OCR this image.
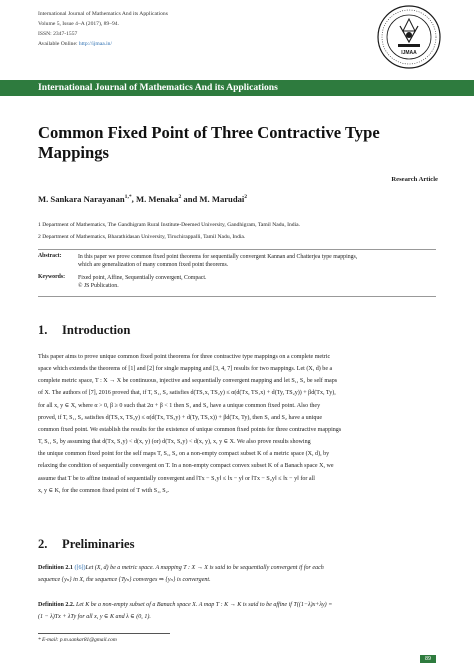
International Journal of Mathematics And its Applications
Volume 5, Issue 4–A (2017), 89–94.
ISSN: 2347-1557
Available Online: http://ijmaa.in/
IJMAA
International Journal of Mathematics And its Applications
Common Fixed Point of Three Contractive Type
Mappings
Research Article
M. Sankara Narayanan$^{1,*}$, M. Menaka$^2$ and M. Marudai$^2$
1 Department of Mathematics, The Gandhigram Rural Institute-Deemed University, Gandhigram, Tamil Nadu, India.
2 Department of Mathematics, Bharathidasan University, Tiruchirappalli, Tamil Nadu, India.
Abstract:	In this paper we prove common fixed point theorems for sequentially convergent Kannan and Chatterjea type mappings,
which are generalization of many common fixed point theorems.
Keywords: Fixed point, Affine, Sequentially convergent, Compact.
© JS Publication.
1. Introduction
This paper aims to prove unique common fixed point theorems for three contractive type mappings on a complete metric
space which extends the theorems of [1] and [2] for single mapping and [3, 4, 7] results for two mappings. Let (X, d) be a
complete metric space, T : X → X be continuous, injective and sequentially convergent mapping and let S₁, S₂ be self maps
of X. The authors of [7], 2016 proved that, if T, S₁, S₂ satisfies d(TS₁x, TS₂y) ≤ α(d(Tx, TS₁x) + d(Ty, TS₂y)) + βd(Tx, Ty),
for all x, y ∈ X, where α > 0, β ≥ 0 such that 2α + β < 1 then S₁ and S₂ have a unique common fixed point. Also they
proved, if T, S₁, S₂ satisfies d(TS₁x, TS₂y) ≤ α(d(Tx, TS₂y) + d(Ty, TS₁x)) + βd(Tx, Ty), then S₁ and S₂ have a unique
common fixed point. We establish the results for the existence of unique common fixed points for three contractive mappings
T, S₁, S₂ by assuming that d(Tx, S₁y) < d(x, y) (or) d(Tx, S₂y) < d(x, y), x, y ∈ X. We also prove results showing
the unique common fixed point for the self maps T, S₁, S₂ on a non-empty compact subset K of a metric space (X, d), by
relaxing the condition of sequentially convergent on T. In a non-empty compact convex subset K of a Banach space X, we
assume that T be to affine instead of sequentially convergent and ‖Tx − S₁y‖ ≤ ‖x − y‖ or ‖Tx − S₂y‖ ≤ ‖x − y‖ for all
x, y ∈ K, for the common fixed point of T with S₁, S₂.
2. Preliminaries
Definition 2.1 ([6])Let (X, d) be a metric space. A mapping T : X → X is said to be sequentially convergent if for each
sequence {yₙ} in X, the sequence {Tyₙ} converges ⇒ {yₙ} is convergent.
Definition 2.2. Let K be a non-empty subset of a Banach space X. A map T : K → K is said to be affine if T((1−λ)x+λy) =
(1 − λ)Tx + λTy for all x, y ∈ K and λ ∈ (0, 1).
* E-mail: p.m.sankar81@gmail.com
89
